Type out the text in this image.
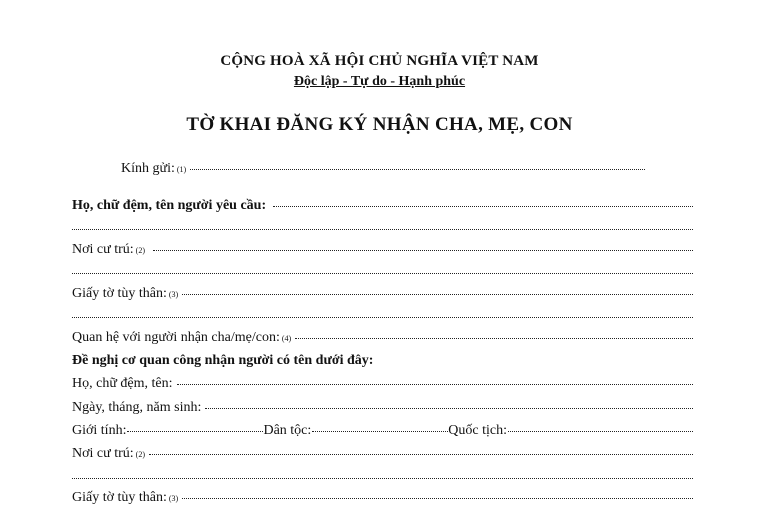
CỘNG HOÀ XÃ HỘI CHỦ NGHĨA VIỆT NAM
Độc lập - Tự do - Hạnh phúc
TỜ KHAI ĐĂNG KÝ NHẬN CHA, MẸ, CON
Kính gửi: (1)
Họ, chữ đệm, tên người yêu cầu:
Nơi cư trú: (2)
Giấy tờ tùy thân: (3)
Quan hệ với người nhận cha/mẹ/con: (4)
Đề nghị cơ quan công nhận người có tên dưới đây:
Họ, chữ đệm, tên:
Ngày, tháng, năm sinh:
Giới tính:	Dân tộc:	Quốc tịch:
Nơi cư trú: (2)
Giấy tờ tùy thân: (3)
